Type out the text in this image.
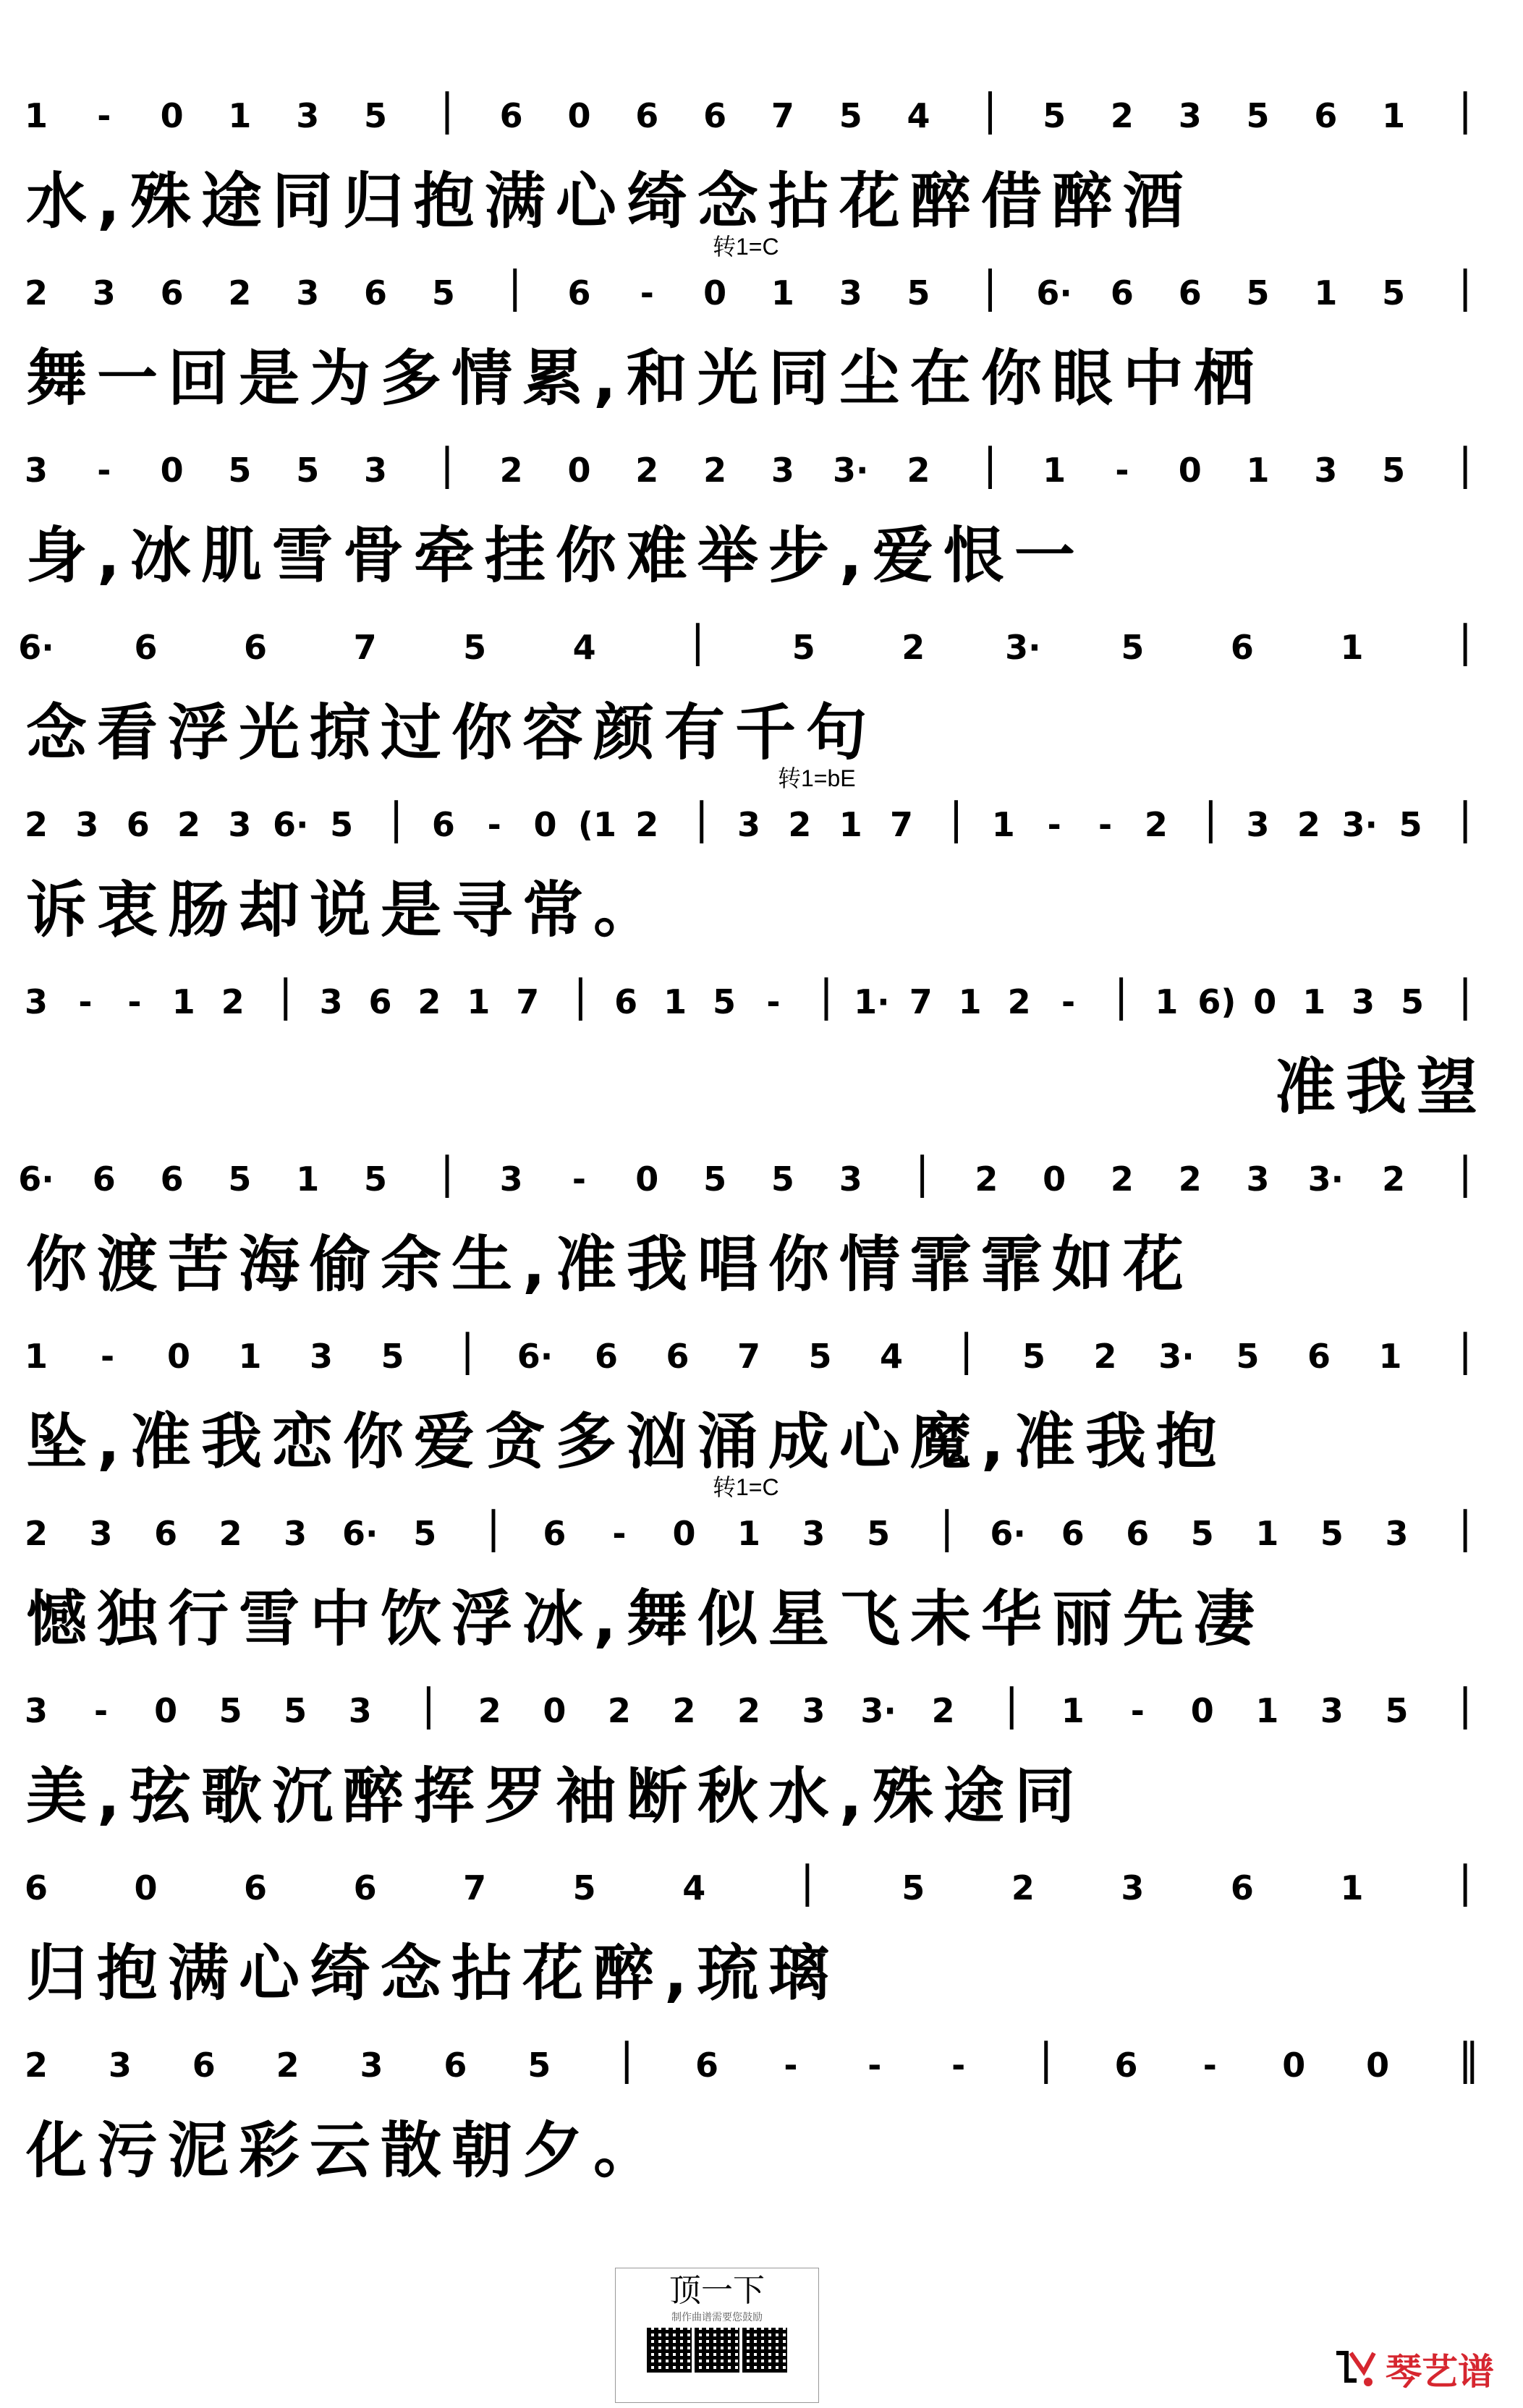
1	-	0 1 3 5 | 6 0 6 6 7 5 4 | 5 2 3 5 6 1 |
水,殊途同归抱满心绮念拈花醉借醉酒
转1=C
2 3 6 2 3 6 5 | 6	-	0 1 3 5 | 6· 6 6 5 1 5 |
舞一回是为多情累,和光同尘在你眼中栖
3	-	0 5 5 3 | 2 0 2 2 3 3· 2 | 1	-	0 1 3 5 |
身,冰肌雪骨牵挂你难举步,爱恨一
6· 6	6	7	5	4 |	5	2 3· 5	6	1 |
念看浮光掠过你容颜有千句
转1=bE
2 3 6 2 3 6· 5 | 6 - 0 (1 2 | 3 2 1 7 | 1 -	- 2 | 3 2 3· 5 |
诉衷肠却说是寻常。
3 -	- 1 2 | 3 6 2 1 7 | 6 1 5 - | 1· 7 1 2 - | 1 6) 0 1 3 5 |
准我望
6· 6 6 5 1 5 | 3	-	0 5 5 3 | 2 0 2 2 3 3· 2 |
你渡苦海偷余生,准我唱你情霏霏如花
1	-	0 1 3 5 | 6· 6 6 7 5 4 | 5 2 3· 5 6 1 |
坠,准我恋你爱贪多汹涌成心魔,准我抱
转1=C
2 3 6 2 3 6· 5 | 6	-	0 1 3 5 | 6· 6 6 5 1 5 3 |
憾独行雪中饮浮冰,舞似星飞未华丽先凄
3	-	0 5 5 3 | 2 0 2 2 2 3 3· 2 | 1	-	0 1 3 5 |
美,弦歌沉醉挥罗袖断秋水,殊途同
6	0	6	6	7	5	4 |	5	2	3	6	1 |
归抱满心绮念拈花醉,琉璃
2 3 6 2 3 6 5 | 6	-	-	- | 6	-	0 0 ‖
化污泥彩云散朝夕。
顶一下
制作曲谱需要您鼓励
琴艺谱
